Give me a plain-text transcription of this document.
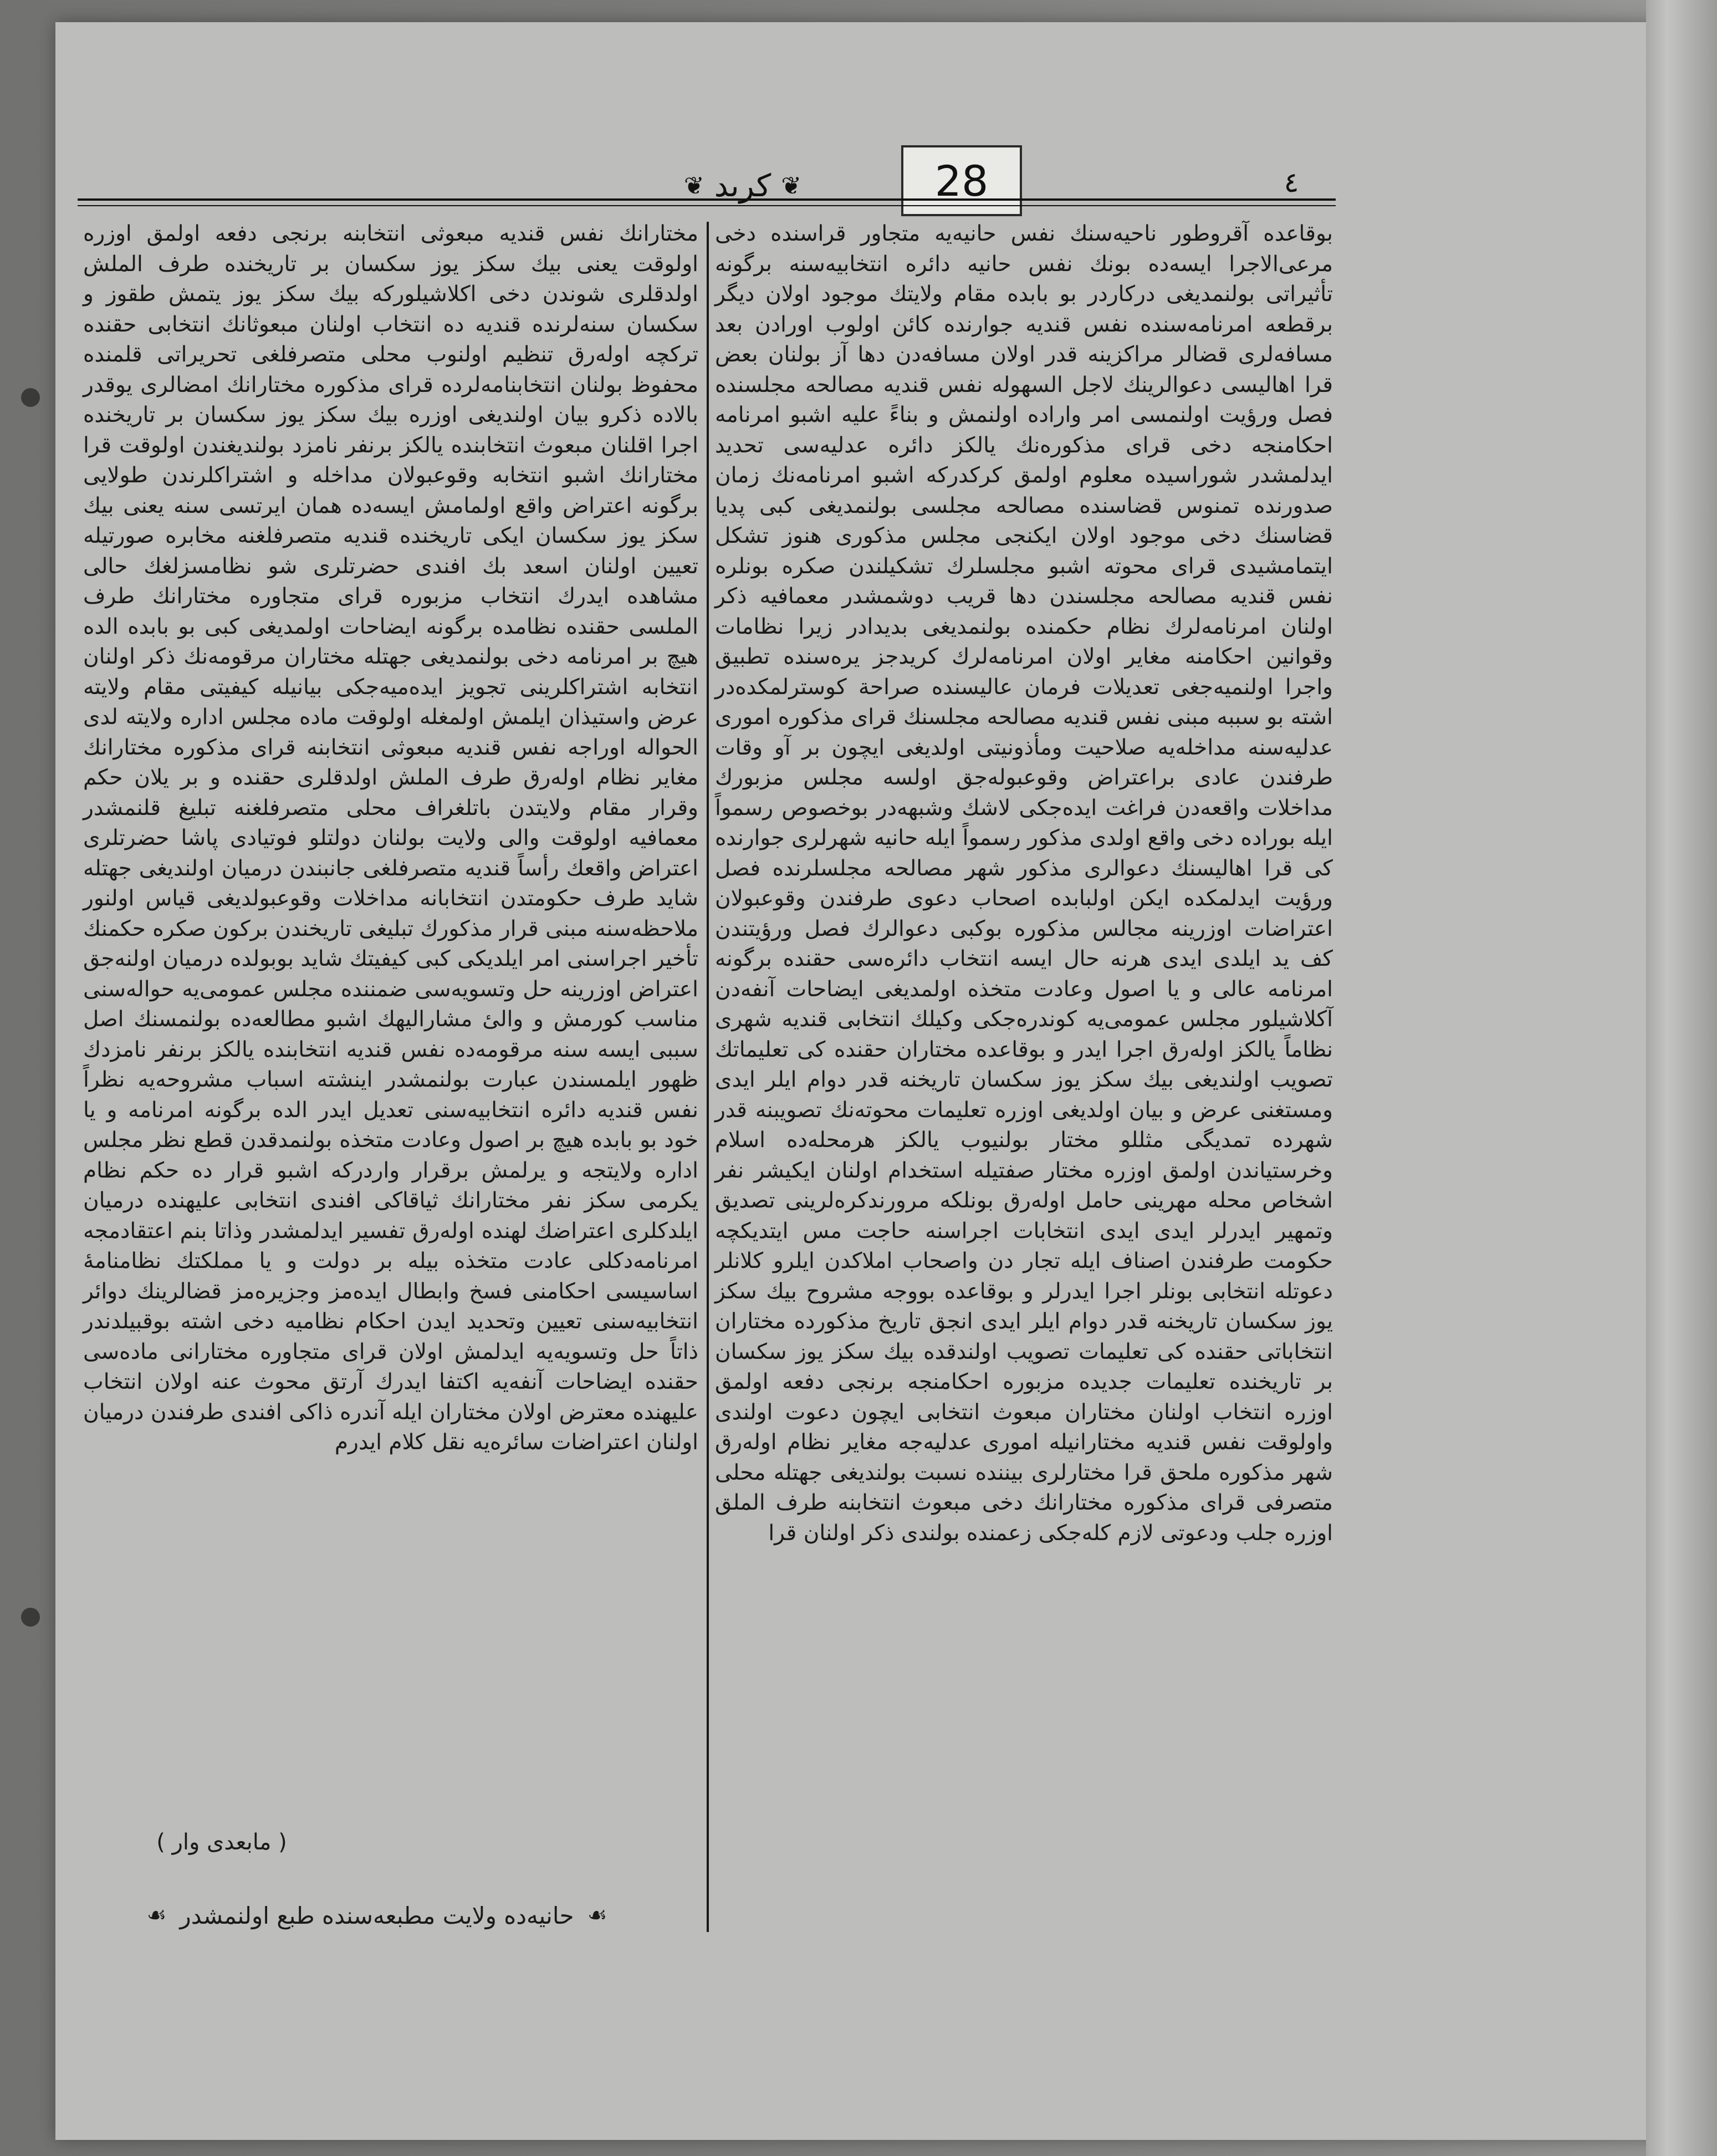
28
❦ کرید ❦	٤

بوقاعده آقروطور ناحیه‌سنك نفس حانیه‌یه متجاور قراسنده دخی مرعی‌الاجرا ایسه‌ده بونك نفس حانیه دائره انتخابیه‌سنه برگونه تأثیراتی بولنمدیغی درکاردر بو بابده مقام ولایتك موجود اولان دیگر برقطعه امرنامه‌سنده نفس قندیه جوارنده کائن اولوب اورادن بعد مسافه‌لری قضالر مراکزینه قدر اولان مسافه‌دن دها آز بولنان بعض قرا اهالیسی دعوالرینك لاجل السهوله نفس قندیه مصالحه مجلسنده فصل ورؤیت اولنمسی امر واراده اولنمش و بناءً علیه اشبو امرنامه احکامنجه دخی قرای مذکوره‌نك یالکز دائره عدلیه‌سی تحدید ایدلمشدر شوراسیده معلوم اولمق کرکدرکه اشبو امرنامه‌نك زمان صدورنده تمنوس قضاسنده مصالحه مجلسی بولنمدیغی کبی پدیا قضاسنك دخی موجود اولان ایکنجی مجلس مذکوری هنوز تشکل ایتمامشیدی قرای محوته اشبو مجلسلرك تشکیلندن صکره بونلره نفس قندیه مصالحه مجلسندن دها قریب دوشمشدر معمافیه ذکر اولنان امرنامه‌لرك نظام حکمنده بولنمدیغی بدیدادر زیرا نظامات وقوانین احکامنه مغایر اولان امرنامه‌لرك کریدجز یره‌سنده تطبیق واجرا اولنمیه‌جغی تعدیلات فرمان عالیسنده صراحة کوسترلمکده‌در اشته بو سببه مبنی نفس قندیه مصالحه مجلسنك قرای مذکوره اموری عدلیه‌سنه مداخله‌یه صلاحیت ومأذونیتی اولدیغی ایچون بر آو وقات طرفندن عادی براعتراض وقوعبوله‌جق اولسه مجلس مزبورك مداخلات واقعه‌دن فراغت ایده‌جکی لاشك وشبهه‌در بوخصوص رسمواً ایله بوراده دخی واقع اولدی مذکور رسمواً ایله حانیه شهرلری جوارنده کی قرا اهالیسنك دعوالری مذکور شهر مصالحه مجلسلرنده فصل ورؤیت ایدلمکده ایکن اولبابده اصحاب دعوی طرفندن وقوعبولان اعتراضات اوزرینه مجالس مذکوره بوکبی دعوالرك فصل ورؤیتندن کف ید ایلدی ایدی هرنه حال ایسه انتخاب دائره‌سی حقنده برگونه امرنامه عالی و یا اصول وعادت متخذه اولمدیغی ایضاحات آنفه‌دن آکلاشیلور مجلس عمومی‌یه کوندره‌جکی وکیلك انتخابی قندیه شهری نظاماً یالکز اوله‌رق اجرا ایدر و بوقاعده مختاران حقنده کی تعلیماتك تصویب اولندیغی بیك سکز یوز سکسان تاریخنه قدر دوام ایلر ایدی ومستغنی عرض و بیان اولدیغی اوزره تعلیمات محوته‌نك تصویبنه قدر شهرده تمدیگی مثللو مختار بولنیوب یالکز هرمحله‌ده اسلام وخرستیاندن اولمق اوزره مختار صفتیله استخدام اولنان ایکیشر نفر اشخاص محله مهرینی حامل اوله‌رق بونلکه مرورندکره‌لرینی تصدیق وتمهیر ایدرلر ایدی ایدی انتخابات اجراسنه حاجت مس ایتدیکچه حکومت طرفندن اصناف ایله تجار دن واصحاب املاکدن ایلرو کلانلر دعوتله انتخابی بونلر اجرا ایدرلر و بوقاعده بووجه مشروح بیك سکز یوز سکسان تاریخنه قدر دوام ایلر ایدی انجق تاریخ مذکورده مختاران انتخاباتی حقنده کی تعلیمات تصویب اولندقده بیك سکز یوز سکسان بر تاریخنده تعلیمات جدیده مزبوره احکامنجه برنجی دفعه اولمق اوزره انتخاب اولنان مختاران مبعوث انتخابی ایچون دعوت اولندی واولوقت نفس قندیه مختارانیله اموری عدلیه‌جه مغایر نظام اوله‌رق شهر مذکوره ملحق قرا مختارلری بیننده نسبت بولندیغی جهتله محلی متصرفی قرای مذکوره مختارانك دخی مبعوث انتخابنه طرف الملق اوزره جلب ودعوتی لازم کله‌جکی زعمنده بولندی ذکر اولنان قرا

مختارانك نفس قندیه مبعوثی انتخابنه برنجی دفعه اولمق اوزره اولوقت یعنی بیك سکز یوز سکسان بر تاریخنده طرف الملش اولدقلری شوندن دخی اکلاشیلورکه بیك سکز یوز یتمش طقوز و سکسان سنه‌لرنده قندیه ده انتخاب اولنان مبعوثانك انتخابی حقنده ترکچه اوله‌رق تنظیم اولنوب محلی متصرفلغی تحریراتی قلمنده محفوظ بولنان انتخابنامه‌لرده قرای مذکوره مختارانك امضالری یوقدر بالاده ذکرو بیان اولندیغی اوزره بیك سکز یوز سکسان بر تاریخنده اجرا اقلنان مبعوث انتخابنده یالکز برنفر نامزد بولندیغندن اولوقت قرا مختارانك اشبو انتخابه وقوعبولان مداخله و اشتراکلرندن طولایی برگونه اعتراض واقع اولمامش ایسه‌ده همان ایرتسی سنه یعنی بیك سکز یوز سکسان ایکی تاریخنده قندیه متصرفلغنه مخابره صورتیله تعیین اولنان اسعد بك افندی حضرتلری شو نظامسزلغك حالی مشاهده ایدرك انتخاب مزبوره قرای متجاوره مختارانك طرف الملسی حقنده نظامده برگونه ایضاحات اولمدیغی کبی بو بابده الده هیچ بر امرنامه دخی بولنمدیغی جهتله مختاران مرقومه‌نك ذکر اولنان انتخابه اشتراکلرینی تجویز ایده‌میه‌جکی بیانیله کیفیتی مقام ولایته عرض واستیذان ایلمش اولمغله اولوقت ماده مجلس اداره ولایته لدی الحواله اوراجه نفس قندیه مبعوثی انتخابنه قرای مذکوره مختارانك مغایر نظام اوله‌رق طرف الملش اولدقلری حقنده و بر یلان حکم وقرار مقام ولایتدن باتلغراف محلی متصرفلغنه تبلیغ قلنمشدر معمافیه اولوقت والی ولایت بولنان دولتلو فوتیادی پاشا حضرتلری اعتراض واقعك رأساً قندیه متصرفلغی جانبندن درمیان اولندیغی جهتله شاید طرف حکومتدن انتخابانه مداخلات وقوعبولدیغی قیاس اولنور ملاحظه‌سنه مبنی قرار مذکورك تبلیغی تاریخندن برکون صکره حکمنك تأخیر اجراسنی امر ایلدیکی کبی کیفیتك شاید بوبولده درمیان اولنه‌جق اعتراض اوزرینه حل وتسویه‌سی ضمننده مجلس عمومی‌یه حواله‌سنی مناسب کورمش و والیٔ مشارالیهك اشبو مطالعه‌ده بولنمسنك اصل سببی ایسه سنه مرقومه‌ده نفس قندیه انتخابنده یالکز برنفر نامزدك ظهور ایلمسندن عبارت بولنمشدر اینشته اسباب مشروحه‌یه نظراً نفس قندیه دائره انتخابیه‌سنی تعدیل ایدر الده برگونه امرنامه و یا خود بو بابده هیچ بر اصول وعادت متخذه بولنمدقدن قطع نظر مجلس اداره ولایتجه و یرلمش برقرار واردرکه اشبو قرار ده حکم نظام یکرمی سکز نفر مختارانك ثیاقاکی افندی انتخابی علیهنده درمیان ایلدکلری اعتراضك لهنده اوله‌رق تفسیر ایدلمشدر وذاتا بنم اعتقادمجه امرنامه‌دکلی عادت متخذه بیله بر دولت و یا مملکتك نظامنامهٔ اساسیسی احکامنی فسخ وابطال ایده‌مز وجزیره‌مز قضالرینك دوائر انتخابیه‌سنی تعیین وتحدید ایدن احکام نظامیه دخی اشته بوقبیلدندر ذاتاً حل وتسویه‌یه ایدلمش اولان قرای متجاوره مختارانی ماده‌سی حقنده ایضاحات آنفه‌یه اکتفا ایدرك آرتق محوث عنه اولان انتخاب علیهنده معترض اولان مختاران ایله آندره ذاکی افندی طرفندن درمیان اولنان اعتراضات سائره‌یه نقل کلام ایدرم

( مابعدی وار )
☙
حانیه‌ده ولایت مطبعه‌سنده طبع اولنمشدر
☙
